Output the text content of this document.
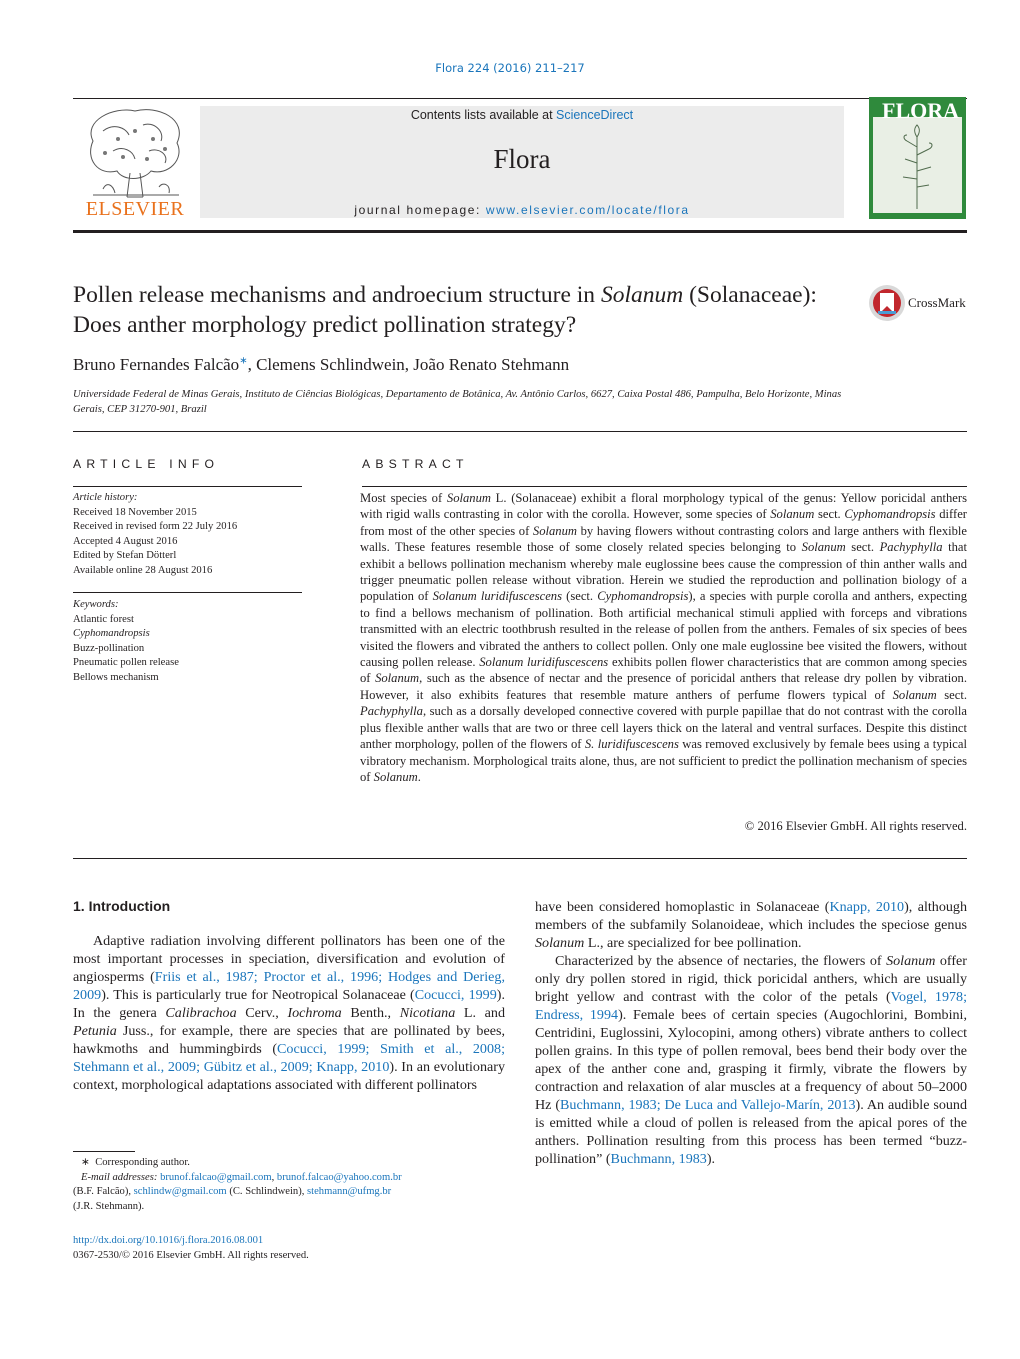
Flora 224 (2016) 211–217
ELSEVIER
Contents lists available at ScienceDirect
Flora
journal homepage: www.elsevier.com/locate/flora
FLORA
Pollen release mechanisms and androecium structure in Solanum (Solanaceae): Does anther morphology predict pollination strategy?
CrossMark
Bruno Fernandes Falcão∗, Clemens Schlindwein, João Renato Stehmann
Universidade Federal de Minas Gerais, Instituto de Ciências Biológicas, Departamento de Botânica, Av. Antônio Carlos, 6627, Caixa Postal 486, Pampulha, Belo Horizonte, Minas Gerais, CEP 31270-901, Brazil
ARTICLE INFO
Article history:
Received 18 November 2015
Received in revised form 22 July 2016
Accepted 4 August 2016
Edited by Stefan Dötterl
Available online 28 August 2016
Keywords:
Atlantic forest
Cyphomandropsis
Buzz-pollination
Pneumatic pollen release
Bellows mechanism
ABSTRACT
Most species of Solanum L. (Solanaceae) exhibit a floral morphology typical of the genus: Yellow poricidal anthers with rigid walls contrasting in color with the corolla. However, some species of Solanum sect. Cyphomandropsis differ from most of the other species of Solanum by having flowers without contrasting colors and large anthers with flexible walls. These features resemble those of some closely related species belonging to Solanum sect. Pachyphylla that exhibit a bellows pollination mechanism whereby male euglossine bees cause the compression of thin anther walls and trigger pneumatic pollen release without vibration. Herein we studied the reproduction and pollination biology of a population of Solanum luridifuscescens (sect. Cyphomandropsis), a species with purple corolla and anthers, expecting to find a bellows mechanism of pollination. Both artificial mechanical stimuli applied with forceps and vibrations transmitted with an electric toothbrush resulted in the release of pollen from the anthers. Females of six species of bees visited the flowers and vibrated the anthers to collect pollen. Only one male euglossine bee visited the flowers, without causing pollen release. Solanum luridifuscescens exhibits pollen flower characteristics that are common among species of Solanum, such as the absence of nectar and the presence of poricidal anthers that release dry pollen by vibration. However, it also exhibits features that resemble mature anthers of perfume flowers typical of Solanum sect. Pachyphylla, such as a dorsally developed connective covered with purple papillae that do not contrast with the corolla plus flexible anther walls that are two or three cell layers thick on the lateral and ventral surfaces. Despite this distinct anther morphology, pollen of the flowers of S. luridifuscescens was removed exclusively by female bees using a typical vibratory mechanism. Morphological traits alone, thus, are not sufficient to predict the pollination mechanism of species of Solanum.
© 2016 Elsevier GmbH. All rights reserved.
1. Introduction

Adaptive radiation involving different pollinators has been one of the most important processes in speciation, diversification and evolution of angiosperms (Friis et al., 1987; Proctor et al., 1996; Hodges and Derieg, 2009). This is particularly true for Neotropical Solanaceae (Cocucci, 1999). In the genera Calibrachoa Cerv., Iochroma Benth., Nicotiana L. and Petunia Juss., for example, there are species that are pollinated by bees, hawkmoths and hummingbirds (Cocucci, 1999; Smith et al., 2008; Stehmann et al., 2009; Gübitz et al., 2009; Knapp, 2010). In an evolutionary context, morphological adaptations associated with different pollinators

have been considered homoplastic in Solanaceae (Knapp, 2010), although members of the subfamily Solanoideae, which includes the speciose genus Solanum L., are specialized for bee pollination.

Characterized by the absence of nectaries, the flowers of Solanum offer only dry pollen stored in rigid, thick poricidal anthers, which are usually bright yellow and contrast with the color of the petals (Vogel, 1978; Endress, 1994). Female bees of certain species (Augochlorini, Bombini, Centridini, Euglossini, Xylocopini, among others) vibrate anthers to collect pollen grains. In this type of pollen removal, bees bend their body over the apex of the anther cone and, grasping it firmly, vibrate the flowers by contraction and relaxation of alar muscles at a frequency of about 50–2000 Hz (Buchmann, 1983; De Luca and Vallejo-Marín, 2013). An audible sound is emitted while a cloud of pollen is released from the apical pores of the anthers. Pollination resulting from this process has been termed “buzz-pollination” (Buchmann, 1983).

∗ Corresponding author.
E-mail addresses: brunof.falcao@gmail.com, brunof.falcao@yahoo.com.br
(B.F. Falcão), schlindw@gmail.com (C. Schlindwein), stehmann@ufmg.br
(J.R. Stehmann).
http://dx.doi.org/10.1016/j.flora.2016.08.001
0367-2530/© 2016 Elsevier GmbH. All rights reserved.
